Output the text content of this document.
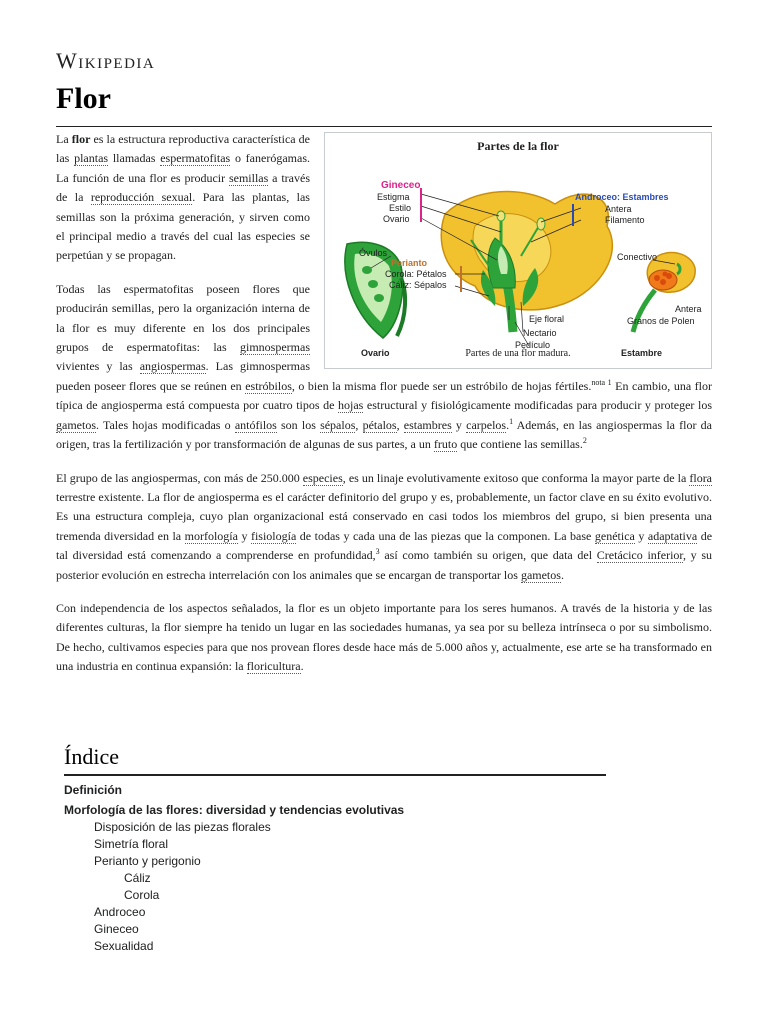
Wikipedia
Flor
Partes de la flor
Gineceo
Estigma
Estilo
Ovario
Óvulos
Perianto
Corola: Pétalos
Cáliz: Sépalos
Androceo: Estambres
Antera
Filamento
Conectivo
Antera
Granos de Polen
Eje floral
Nectario
Pedículo
Ovario	Estambre
Partes de una flor madura.

La flor es la estructura reproductiva característica de las plantas llamadas espermatofitas o fanerógamas. La función de una flor es producir semillas a través de la reproducción sexual. Para las plantas, las semillas son la próxima generación, y sirven como el principal medio a través del cual las especies se perpetúan y se propagan.

Todas las espermatofitas poseen flores que producirán semillas, pero la organización interna de la flor es muy diferente en los dos principales grupos de espermatofitas: las gimnospermas vivientes y las angiospermas. Las gimnospermas pueden poseer flores que se reúnen en estróbilos, o bien la misma flor puede ser un estróbilo de hojas fértiles.$^{nota 1}$ En cambio, una flor típica de angiosperma está compuesta por cuatro tipos de hojas estructural y fisiológicamente modificadas para producir y proteger los gametos. Tales hojas modificadas o antófilos son los sépalos, pétalos, estambres y carpelos.$^1$ Además, en las angiospermas la flor da origen, tras la fertilización y por transformación de algunas de sus partes, a un fruto que contiene las semillas.$^2$

El grupo de las angiospermas, con más de 250.000 especies, es un linaje evolutivamente exitoso que conforma la mayor parte de la flora terrestre existente. La flor de angiosperma es el carácter definitorio del grupo y es, probablemente, un factor clave en su éxito evolutivo. Es una estructura compleja, cuyo plan organizacional está conservado en casi todos los miembros del grupo, si bien presenta una tremenda diversidad en la morfología y fisiología de todas y cada una de las piezas que la componen. La base genética y adaptativa de tal diversidad está comenzando a comprenderse en profundidad,$^3$ así como también su origen, que data del Cretácico inferior, y su posterior evolución en estrecha interrelación con los animales que se encargan de transportar los gametos.

Con independencia de los aspectos señalados, la flor es un objeto importante para los seres humanos. A través de la historia y de las diferentes culturas, la flor siempre ha tenido un lugar en las sociedades humanas, ya sea por su belleza intrínseca o por su simbolismo. De hecho, cultivamos especies para que nos provean flores desde hace más de 5.000 años y, actualmente, ese arte se ha transformado en una industria en continua expansión: la floricultura.

Índice
Definición
Morfología de las flores: diversidad y tendencias evolutivas
Disposición de las piezas florales
Simetría floral
Perianto y perigonio
Cáliz
Corola
Androceo
Gineceo
Sexualidad
